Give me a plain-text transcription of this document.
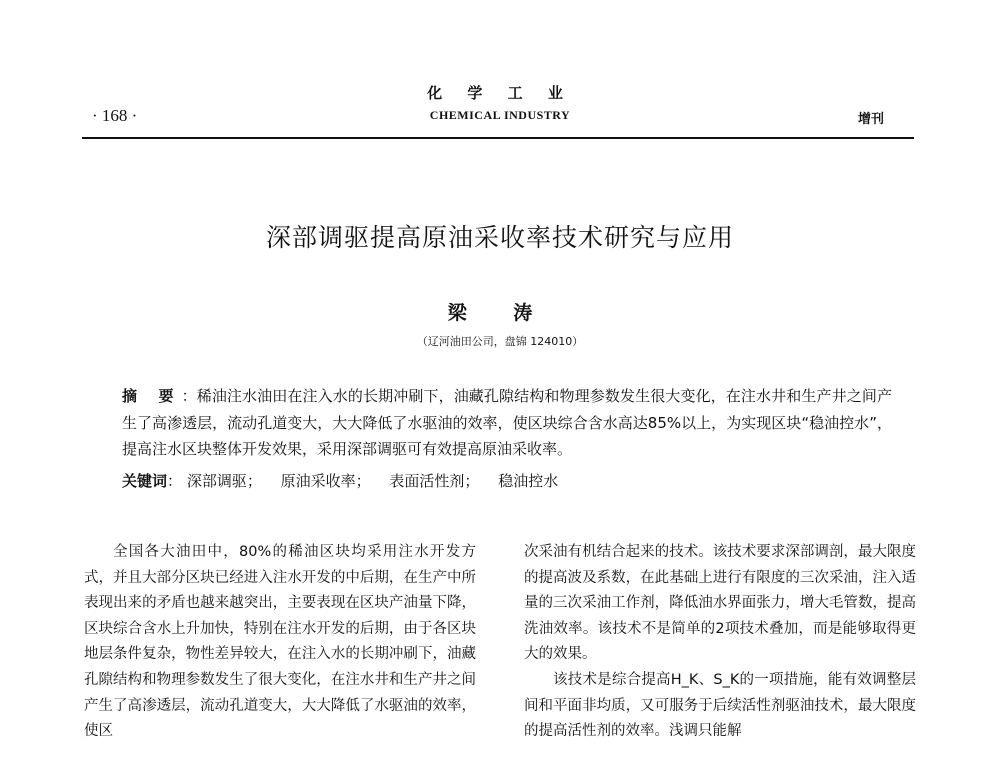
化 学 工 业
· 168 ·	CHEMICAL INDUSTRY	增刊
深部调驱提高原油采收率技术研究与应用
梁 涛
（辽河油田公司，盘锦 124010）
摘 要：稀油注水油田在注入水的长期冲刷下，油藏孔隙结构和物理参数发生很大变化，在注水井和生产井之间产生了高渗透层，流动孔道变大，大大降低了水驱油的效率，使区块综合含水高达85%以上，为实现区块“稳油控水”，提高注水区块整体开发效果，采用深部调驱可有效提高原油采收率。
关键词： 深部调驱； 原油采收率； 表面活性剂； 稳油控水

全国各大油田中，80%的稀油区块均采用注水开发方式，并且大部分区块已经进入注水开发的中后期，在生产中所表现出来的矛盾也越来越突出，主要表现在区块产油量下降，区块综合含水上升加快，特别在注水开发的后期，由于各区块地层条件复杂，物性差异较大，在注入水的长期冲刷下，油藏孔隙结构和物理参数发生了很大变化，在注水井和生产井之间产生了高渗透层，流动孔道变大，大大降低了水驱油的效率，使区

次采油有机结合起来的技术。该技术要求深部调剖，最大限度的提高波及系数，在此基础上进行有限度的三次采油，注入适量的三次采油工作剂，降低油水界面张力，增大毛管数，提高洗油效率。该技术不是简单的2项技术叠加，而是能够取得更大的效果。

该技术是综合提高H_K、S_K的一项措施，能有效调整层间和平面非均质，又可服务于后续活性剂驱油技术，最大限度的提高活性剂的效率。浅调只能解
